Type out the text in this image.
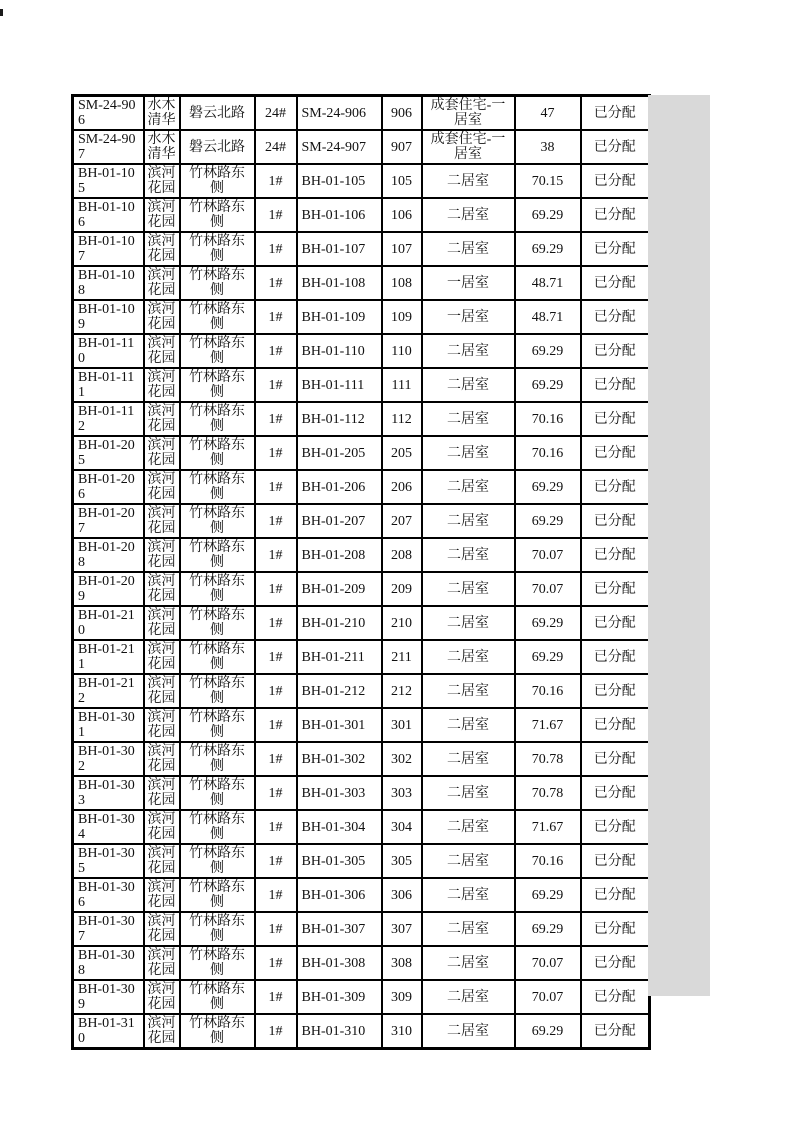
SM-24-906	水木清华	磐云北路	24#	SM-24-906	906	成套住宅-一居室	47	已分配
SM-24-907	水木清华	磐云北路	24#	SM-24-907	907	成套住宅-一居室	38	已分配
BH-01-105	滨河花园	竹林路东侧	1#	BH-01-105	105	二居室	70.15	已分配
BH-01-106	滨河花园	竹林路东侧	1#	BH-01-106	106	二居室	69.29	已分配
BH-01-107	滨河花园	竹林路东侧	1#	BH-01-107	107	二居室	69.29	已分配
BH-01-108	滨河花园	竹林路东侧	1#	BH-01-108	108	一居室	48.71	已分配
BH-01-109	滨河花园	竹林路东侧	1#	BH-01-109	109	一居室	48.71	已分配
BH-01-110	滨河花园	竹林路东侧	1#	BH-01-110	110	二居室	69.29	已分配
BH-01-111	滨河花园	竹林路东侧	1#	BH-01-111	111	二居室	69.29	已分配
BH-01-112	滨河花园	竹林路东侧	1#	BH-01-112	112	二居室	70.16	已分配
BH-01-205	滨河花园	竹林路东侧	1#	BH-01-205	205	二居室	70.16	已分配
BH-01-206	滨河花园	竹林路东侧	1#	BH-01-206	206	二居室	69.29	已分配
BH-01-207	滨河花园	竹林路东侧	1#	BH-01-207	207	二居室	69.29	已分配
BH-01-208	滨河花园	竹林路东侧	1#	BH-01-208	208	二居室	70.07	已分配
BH-01-209	滨河花园	竹林路东侧	1#	BH-01-209	209	二居室	70.07	已分配
BH-01-210	滨河花园	竹林路东侧	1#	BH-01-210	210	二居室	69.29	已分配
BH-01-211	滨河花园	竹林路东侧	1#	BH-01-211	211	二居室	69.29	已分配
BH-01-212	滨河花园	竹林路东侧	1#	BH-01-212	212	二居室	70.16	已分配
BH-01-301	滨河花园	竹林路东侧	1#	BH-01-301	301	二居室	71.67	已分配
BH-01-302	滨河花园	竹林路东侧	1#	BH-01-302	302	二居室	70.78	已分配
BH-01-303	滨河花园	竹林路东侧	1#	BH-01-303	303	二居室	70.78	已分配
BH-01-304	滨河花园	竹林路东侧	1#	BH-01-304	304	二居室	71.67	已分配
BH-01-305	滨河花园	竹林路东侧	1#	BH-01-305	305	二居室	70.16	已分配
BH-01-306	滨河花园	竹林路东侧	1#	BH-01-306	306	二居室	69.29	已分配
BH-01-307	滨河花园	竹林路东侧	1#	BH-01-307	307	二居室	69.29	已分配
BH-01-308	滨河花园	竹林路东侧	1#	BH-01-308	308	二居室	70.07	已分配
BH-01-309	滨河花园	竹林路东侧	1#	BH-01-309	309	二居室	70.07	已分配
BH-01-310	滨河花园	竹林路东侧	1#	BH-01-310	310	二居室	69.29	已分配
